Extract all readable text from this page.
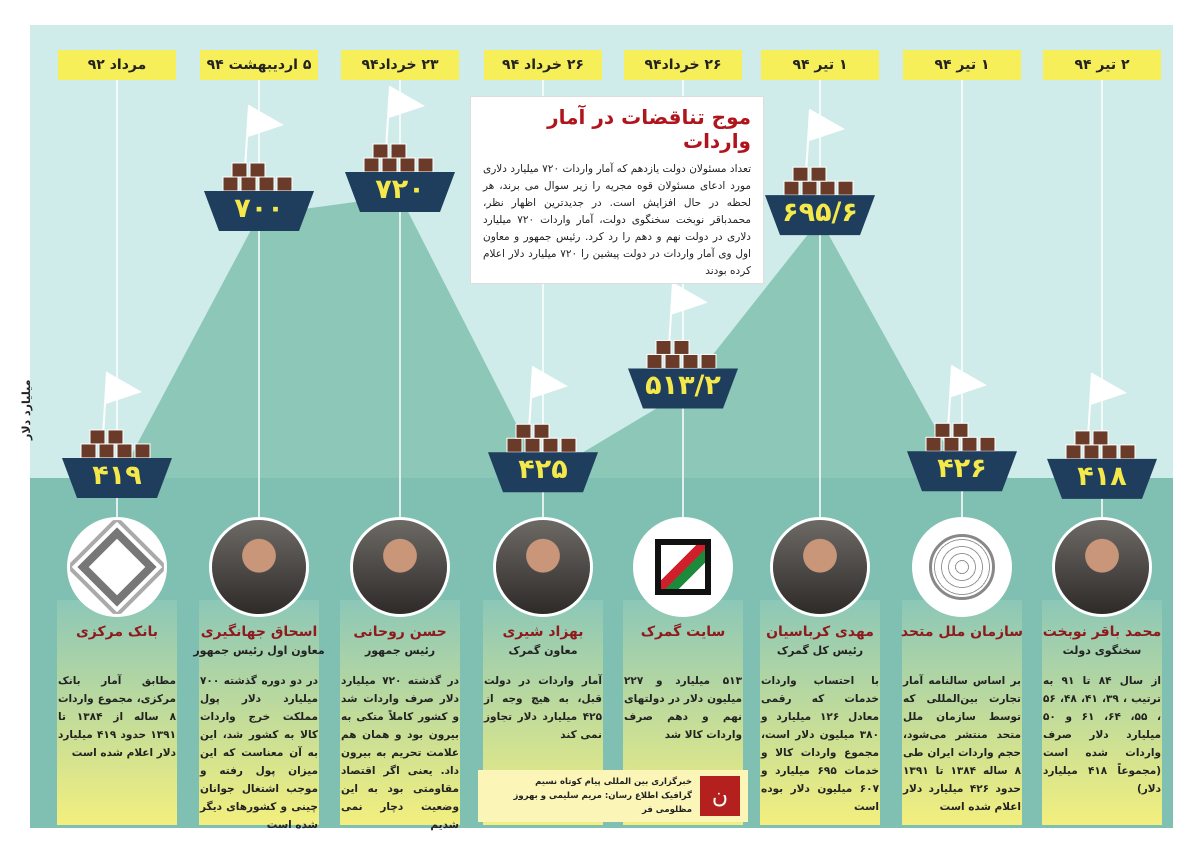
میلیارد دلار
موج تناقضات در آمار واردات

تعداد مسئولان دولت یازدهم که آمار واردات ۷۲۰ میلیارد دلاری مورد ادعای مسئولان قوه مجریه را زیر سوال می برند، هر لحظه در حال افزایش است. در جدیدترین اظهار نظر، محمدباقر نوبخت سخنگوی دولت، آمار واردات ۷۲۰ میلیارد دلاری در دولت نهم و دهم را رد کرد. رئیس جمهور و معاون اول وی آمار واردات در دولت پیشین را ۷۲۰ میلیارد دلار اعلام کرده بودند

مرداد ۹۲
۴۱۹
بانک مرکزی
مطابق آمار بانک مرکزی، مجموع واردات ۸ ساله از ۱۳۸۴ تا ۱۳۹۱ حدود ۴۱۹ میلیارد دلار اعلام شده است
۵ اردیبهشت ۹۴
۷۰۰
اسحاق جهانگیری
معاون اول رئیس جمهور
در دو دوره گذشته ۷۰۰ میلیارد دلار پول مملکت خرج واردات کالا به کشور شد، این به آن معناست که این میزان پول رفته و موجب اشتغال جوانان چینی و کشورهای دیگر شده است
۲۳ خرداد۹۴
۷۲۰
حسن روحانی
رئیس جمهور
در گذشته ۷۲۰ میلیارد دلار صرف واردات شد و کشور کاملاً متکی به بیرون بود و همان هم علامت تحریم به بیرون داد. یعنی اگر اقتصاد مقاومتی بود به این وضعیت دچار نمی شدیم
۲۶ خرداد ۹۴
۴۲۵
بهزاد شیری
معاون گمرک
آمار واردات در دولت قبل، به هیچ وجه از ۴۲۵ میلیارد دلار تجاوز نمی کند
۲۶ خرداد۹۴
۵۱۳/۲
سایت گمرک
۵۱۳ میلیارد و ۲۲۷ میلیون دلار در دولتهای نهم و دهم صرف واردات کالا شد
۱ تیر ۹۴
۶۹۵/۶
مهدی کرباسیان
رئیس کل گمرک
با احتساب واردات خدمات که رقمی معادل ۱۲۶ میلیارد و ۳۸۰ میلیون دلار است، مجموع واردات کالا و خدمات ۶۹۵ میلیارد و ۶۰۷ میلیون دلار بوده است
۱ تیر ۹۴
۴۲۶
سازمان ملل متحد
بر اساس سالنامه آمار تجارت بین‌المللی که توسط سازمان ملل متحد منتشر می‌شود، حجم واردات ایران طی ۸ ساله ۱۳۸۴ تا ۱۳۹۱ حدود ۴۲۶ میلیارد دلار اعلام شده است
۲ تیر ۹۴
۴۱۸
محمد باقر نوبخت
سخنگوی دولت
از سال ۸۴ تا ۹۱ به ترتیب ، ۳۹، ۴۱، ۴۸، ۵۶ ، ۵۵، ۶۴، ۶۱ و ۵۰ میلیارد دلار صرف واردات شده است (مجموعاً ۴۱۸ میلیارد دلار)
ن
خبرگزاری بین المللی پیام کوتاه نسیم
گرافیک اطلاع رسان: مریم سلیمی و بهروز مظلومی فر
